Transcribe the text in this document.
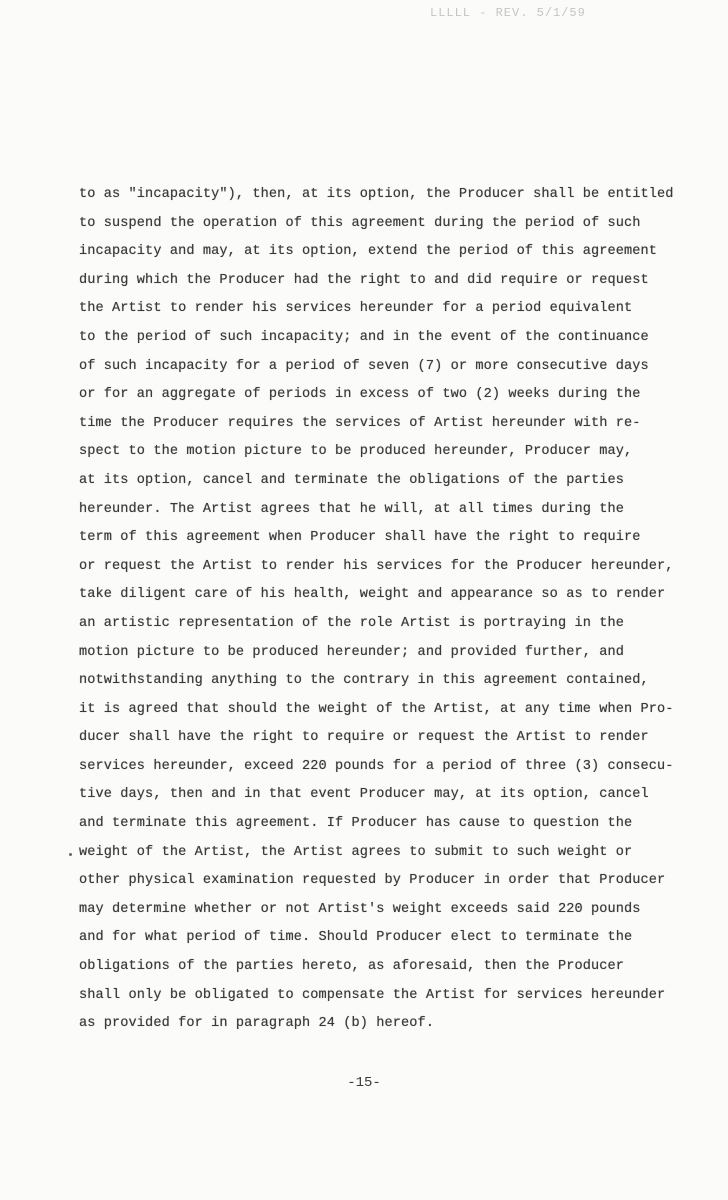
LLLLL - REV. 5/1/59
to as "incapacity"), then, at its option, the Producer shall be entitled
to suspend the operation of this agreement during the period of such
incapacity and may, at its option, extend the period of this agreement
during which the Producer had the right to and did require or request
the Artist to render his services hereunder for a period equivalent
to the period of such incapacity; and in the event of the continuance
of such incapacity for a period of seven (7) or more consecutive days
or for an aggregate of periods in excess of two (2) weeks during the
time the Producer requires the services of Artist hereunder with re-
spect to the motion picture to be produced hereunder, Producer may,
at its option, cancel and terminate the obligations of the parties
hereunder. The Artist agrees that he will, at all times during the
term of this agreement when Producer shall have the right to require
or request the Artist to render his services for the Producer hereunder,
take diligent care of his health, weight and appearance so as to render
an artistic representation of the role Artist is portraying in the
motion picture to be produced hereunder; and provided further, and
notwithstanding anything to the contrary in this agreement contained,
it is agreed that should the weight of the Artist, at any time when Pro-
ducer shall have the right to require or request the Artist to render
services hereunder, exceed 220 pounds for a period of three (3) consecu-
tive days, then and in that event Producer may, at its option, cancel
and terminate this agreement. If Producer has cause to question the
weight of the Artist, the Artist agrees to submit to such weight or
other physical examination requested by Producer in order that Producer
may determine whether or not Artist's weight exceeds said 220 pounds
and for what period of time. Should Producer elect to terminate the
obligations of the parties hereto, as aforesaid, then the Producer
shall only be obligated to compensate the Artist for services hereunder
as provided for in paragraph 24 (b) hereof.
-15-
